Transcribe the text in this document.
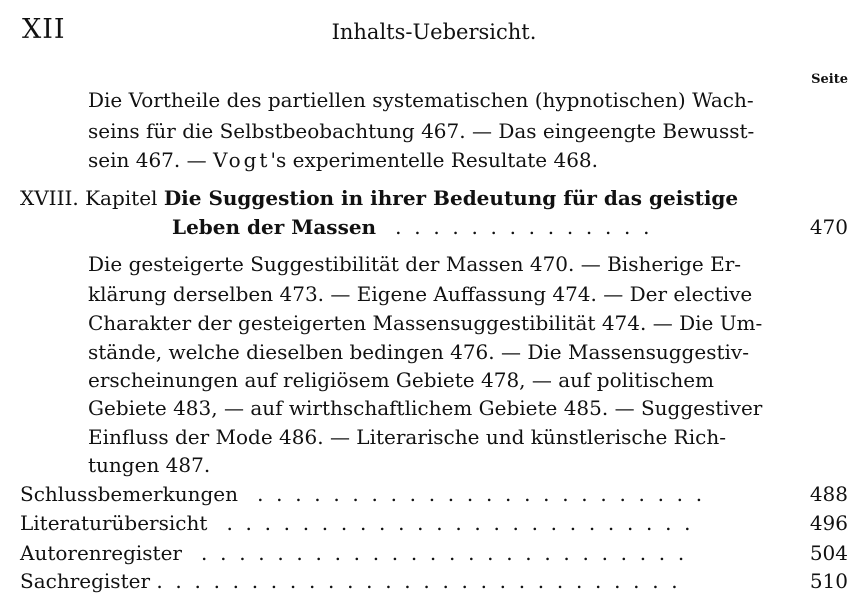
XII	Inhalts-Uebersicht.
Seite
Die Vortheile des partiellen systematischen (hypnotischen) Wach-
seins für die Selbstbeobachtung 467. — Das eingeengte Bewusst-
sein 467. — Vogt's experimentelle Resultate 468.
XVIII. Kapitel Die Suggestion in ihrer Bedeutung für das geistige
Leben der Massen   .  .  .  .  .  .  .  .  .  .  .  .  .  .	470
Die gesteigerte Suggestibilität der Massen 470. — Bisherige Er-
klärung derselben 473. — Eigene Auffassung 474. — Der elective
Charakter der gesteigerten Massensuggestibilität 474. — Die Um-
stände, welche dieselben bedingen 476. — Die Massensuggestiv-
erscheinungen auf religiösem Gebiete 478, — auf politischem
Gebiete 483, — auf wirthschaftlichem Gebiete 485. — Suggestiver
Einfluss der Mode 486. — Literarische und künstlerische Rich-
tungen 487.
Schlussbemerkungen   .  .  .  .  .  .  .  .  .  .  .  .  .  .  .  .  .  .  .  .  .  .  .  .	488
Literaturübersicht   .  .  .  .  .  .  .  .  .  .  .  .  .  .  .  .  .  .  .  .  .  .  .  .  .	496
Autorenregister   .  .  .  .  .  .  .  .  .  .  .  .  .  .  .  .  .  .  .  .  .  .  .  .  .  .	504
Sachregister .  .  .  .  .  .  .  .  .  .  .  .  .  .  .  .  .  .  .  .  .  .  .  .  .  .  .  .	510
